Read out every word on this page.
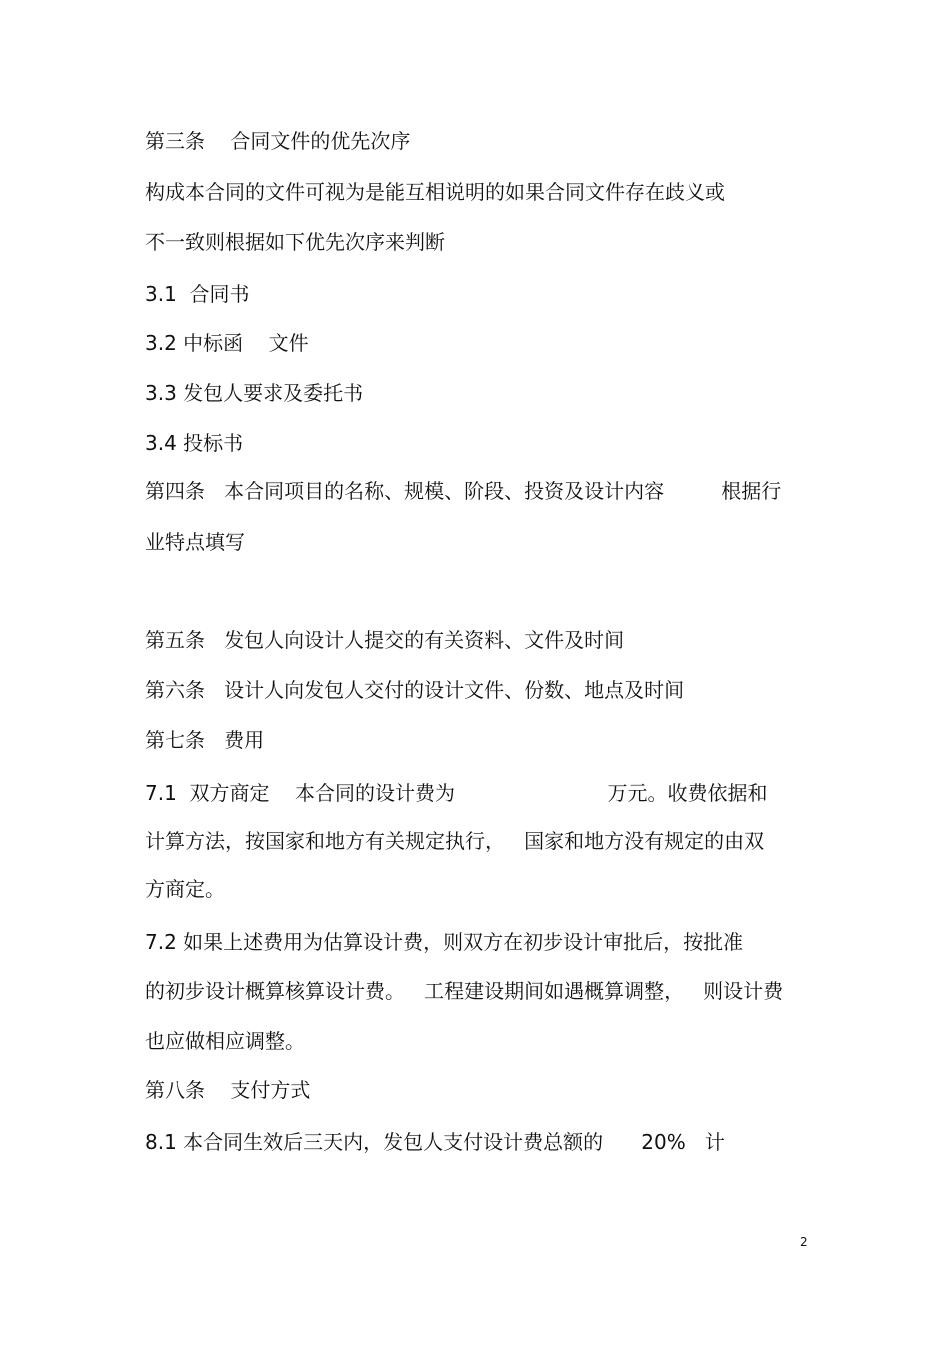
第三条    合同文件的优先次序
构成本合同的文件可视为是能互相说明的如果合同文件存在歧义或
不一致则根据如下优先次序来判断
3.1  合同书
3.2 中标函    文件
3.3 发包人要求及委托书
3.4 投标书
第四条   本合同项目的名称、规模、阶段、投资及设计内容         根据行
业特点填写
第五条   发包人向设计人提交的有关资料、文件及时间
第六条   设计人向发包人交付的设计文件、份数、地点及时间
第七条   费用
7.1  双方商定    本合同的设计费为                        万元。收费依据和
计算方法，按国家和地方有关规定执行，   国家和地方没有规定的由双
方商定。
7.2 如果上述费用为估算设计费，则双方在初步设计审批后，按批准
的初步设计概算核算设计费。   工程建设期间如遇概算调整，   则设计费
也应做相应调整。
第八条    支付方式
8.1 本合同生效后三天内，发包人支付设计费总额的      20%   计
2
